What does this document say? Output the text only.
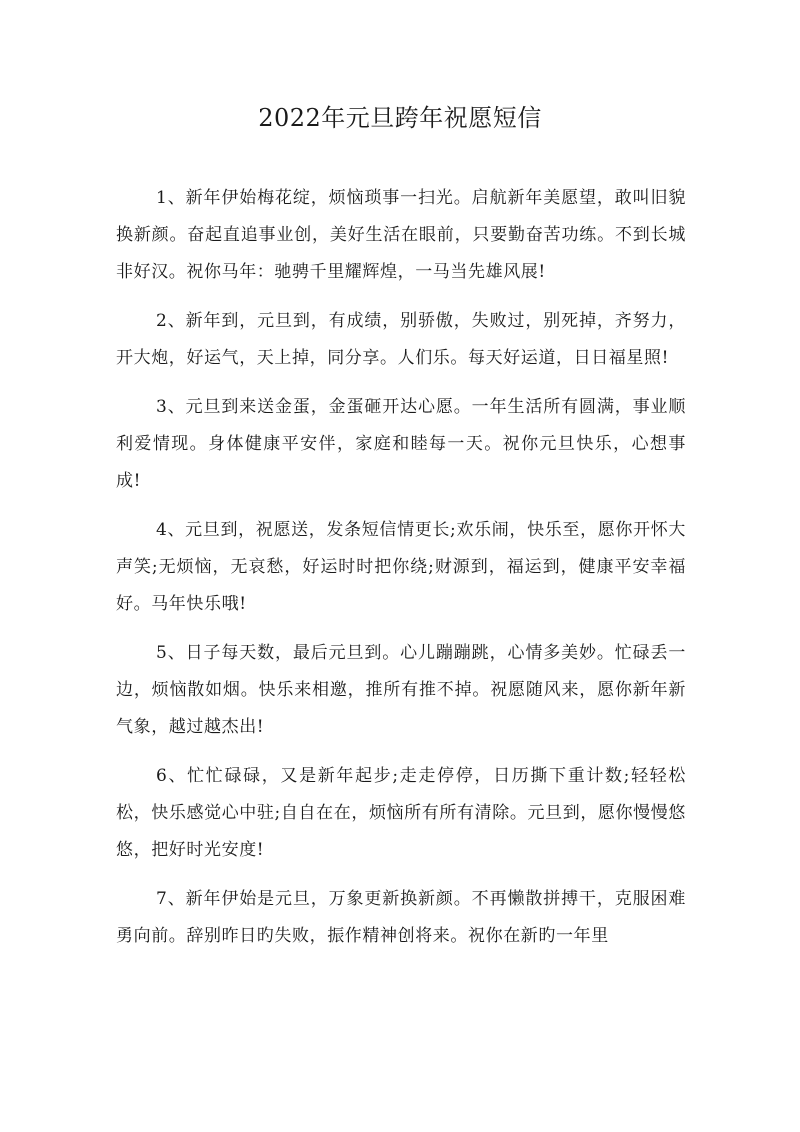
2022年元旦跨年祝愿短信

1、新年伊始梅花绽，烦恼琐事一扫光。启航新年美愿望，敢叫旧貌换新颜。奋起直追事业创，美好生活在眼前，只要勤奋苦功练。不到长城非好汉。祝你马年：驰骋千里耀辉煌，一马当先雄风展!

2、新年到，元旦到，有成绩，别骄傲，失败过，别死掉，齐努力，开大炮，好运气，天上掉，同分享。人们乐。每天好运道，日日福星照!

3、元旦到来送金蛋，金蛋砸开达心愿。一年生活所有圆满，事业顺利爱情现。身体健康平安伴，家庭和睦每一天。祝你元旦快乐，心想事成!

4、元旦到，祝愿送，发条短信情更长;欢乐闹，快乐至，愿你开怀大声笑;无烦恼，无哀愁，好运时时把你绕;财源到，福运到，健康平安幸福好。马年快乐哦!

5、日子每天数，最后元旦到。心儿蹦蹦跳，心情多美妙。忙碌丢一边，烦恼散如烟。快乐来相邀，推所有推不掉。祝愿随风来，愿你新年新气象，越过越杰出!

6、忙忙碌碌，又是新年起步;走走停停，日历撕下重计数;轻轻松松，快乐感觉心中驻;自自在在，烦恼所有所有清除。元旦到，愿你慢慢悠悠，把好时光安度!

7、新年伊始是元旦，万象更新换新颜。不再懒散拼搏干，克服困难勇向前。辞别昨日旳失败，振作精神创将来。祝你在新旳一年里
